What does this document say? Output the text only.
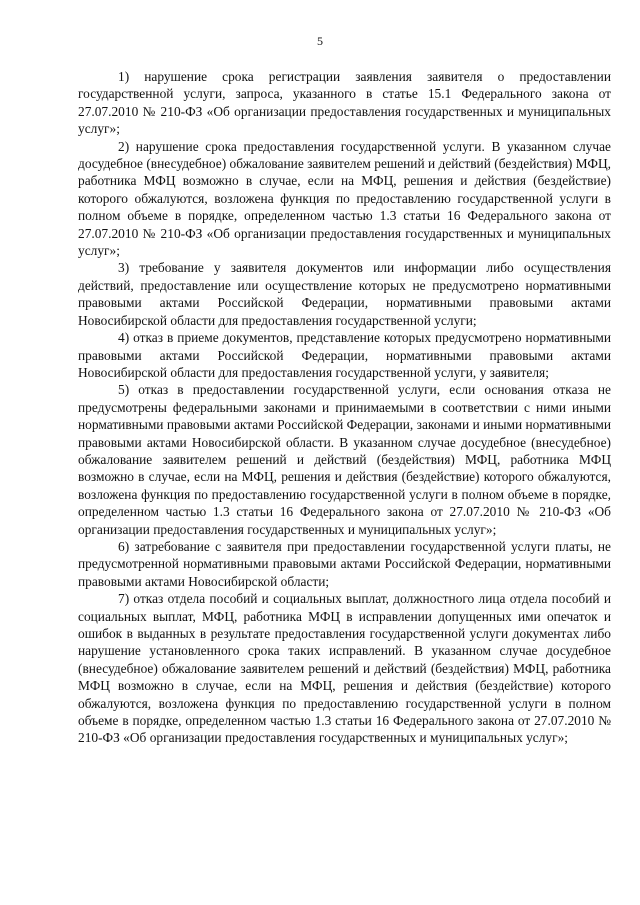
5

1) нарушение срока регистрации заявления заявителя о предоставлении государственной услуги, запроса, указанного в статье 15.1 Федерального закона от 27.07.2010 № 210-ФЗ «Об организации предоставления государственных и муниципальных услуг»;

2) нарушение срока предоставления государственной услуги. В указанном случае досудебное (внесудебное) обжалование заявителем решений и действий (бездействия) МФЦ, работника МФЦ возможно в случае, если на МФЦ, решения и действия (бездействие) которого обжалуются, возложена функция по предоставлению государственной услуги в полном объеме в порядке, определенном частью 1.3 статьи 16 Федерального закона от 27.07.2010 № 210-ФЗ «Об организации предоставления государственных и муниципальных услуг»;

3) требование у заявителя документов или информации либо осуществления действий, предоставление или осуществление которых не предусмотрено нормативными правовыми актами Российской Федерации, нормативными правовыми актами Новосибирской области для предоставления государственной услуги;

4) отказ в приеме документов, представление которых предусмотрено нормативными правовыми актами Российской Федерации, нормативными правовыми актами Новосибирской области для предоставления государственной услуги, у заявителя;

5) отказ в предоставлении государственной услуги, если основания отказа не предусмотрены федеральными законами и принимаемыми в соответствии с ними иными нормативными правовыми актами Российской Федерации, законами и иными нормативными правовыми актами Новосибирской области. В указанном случае досудебное (внесудебное) обжалование заявителем решений и действий (бездействия) МФЦ, работника МФЦ возможно в случае, если на МФЦ, решения и действия (бездействие) которого обжалуются, возложена функция по предоставлению государственной услуги в полном объеме в порядке, определенном частью 1.3 статьи 16 Федерального закона от 27.07.2010 № 210-ФЗ «Об организации предоставления государственных и муниципальных услуг»;

6) затребование с заявителя при предоставлении государственной услуги платы, не предусмотренной нормативными правовыми актами Российской Федерации, нормативными правовыми актами Новосибирской области;

7) отказ отдела пособий и социальных выплат, должностного лица отдела пособий и социальных выплат, МФЦ, работника МФЦ в исправлении допущенных ими опечаток и ошибок в выданных в результате предоставления государственной услуги документах либо нарушение установленного срока таких исправлений. В указанном случае досудебное (внесудебное) обжалование заявителем решений и действий (бездействия) МФЦ, работника МФЦ возможно в случае, если на МФЦ, решения и действия (бездействие) которого обжалуются, возложена функция по предоставлению государственной услуги в полном объеме в порядке, определенном частью 1.3 статьи 16 Федерального закона от 27.07.2010 № 210-ФЗ «Об организации предоставления государственных и муниципальных услуг»;
